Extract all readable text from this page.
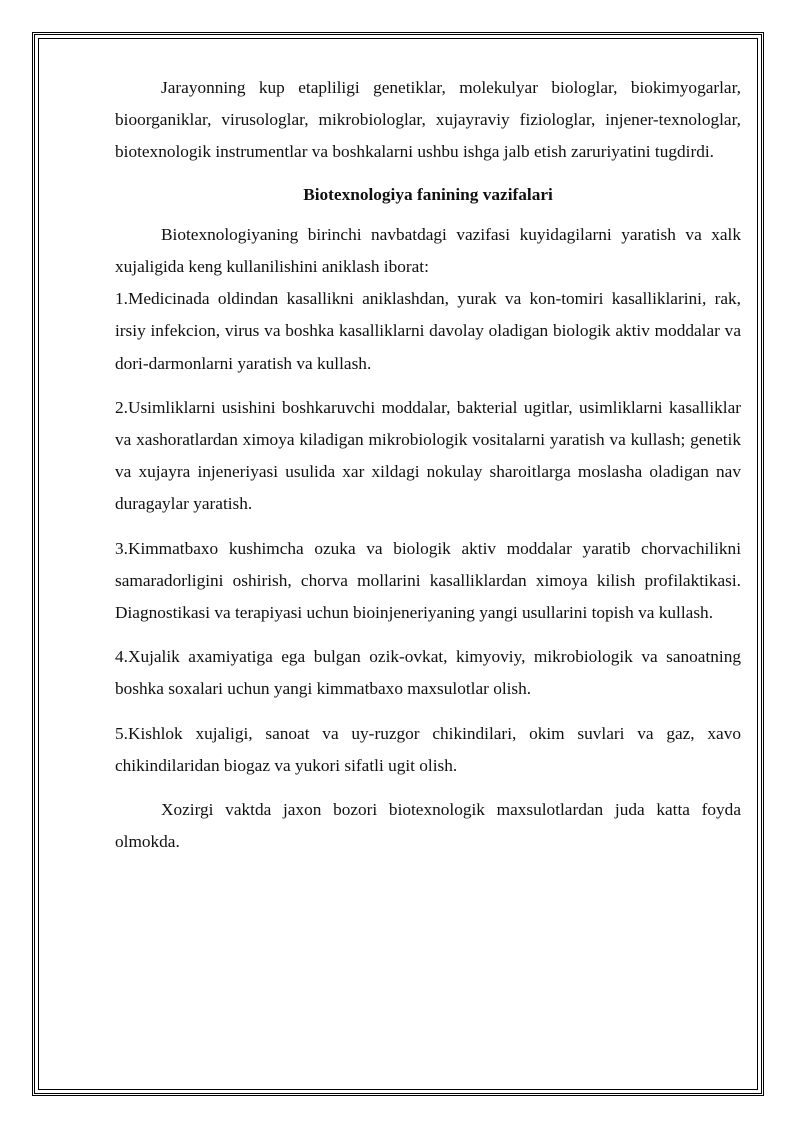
Jarayonning kup etapliligi genetiklar, molekulyar biologlar, biokimyogarlar, bioorganiklar, virusologlar, mikrobiologlar, xujayraviy fiziologlar, injener-texnologlar, biotexnologik instrumentlar va boshkalarni ushbu ishga jalb etish zaruriyatini tugdirdi.

Biotexnologiya fanining vazifalari

Biotexnologiyaning birinchi navbatdagi vazifasi kuyidagilarni yaratish va xalk xujaligida keng kullanilishini aniklash iborat:

1.Medicinada oldindan kasallikni aniklashdan, yurak va kon-tomiri kasalliklarini, rak, irsiy infekcion, virus va boshka kasalliklarni davolay oladigan biologik aktiv moddalar va dori-darmonlarni yaratish va kullash.

2.Usimliklarni usishini boshkaruvchi moddalar, bakterial ugitlar, usimliklarni kasalliklar va xashoratlardan ximoya kiladigan mikrobiologik vositalarni yaratish va kullash; genetik va xujayra injeneriyasi usulida xar xildagi nokulay sharoitlarga moslasha oladigan nav duragaylar yaratish.

3.Kimmatbaxo kushimcha ozuka va biologik aktiv moddalar yaratib chorvachilikni samaradorligini oshirish, chorva mollarini kasalliklardan ximoya kilish profilaktikasi. Diagnostikasi va terapiyasi uchun bioinjeneriyaning yangi usullarini topish va kullash.

4.Xujalik axamiyatiga ega bulgan ozik-ovkat, kimyoviy, mikrobiologik va sanoatning boshka soxalari uchun yangi kimmatbaxo maxsulotlar olish.

5.Kishlok xujaligi, sanoat va uy-ruzgor chikindilari, okim suvlari va gaz, xavo chikindilaridan biogaz va yukori sifatli ugit olish.

Xozirgi vaktda jaxon bozori biotexnologik maxsulotlardan juda katta foyda olmokda.
